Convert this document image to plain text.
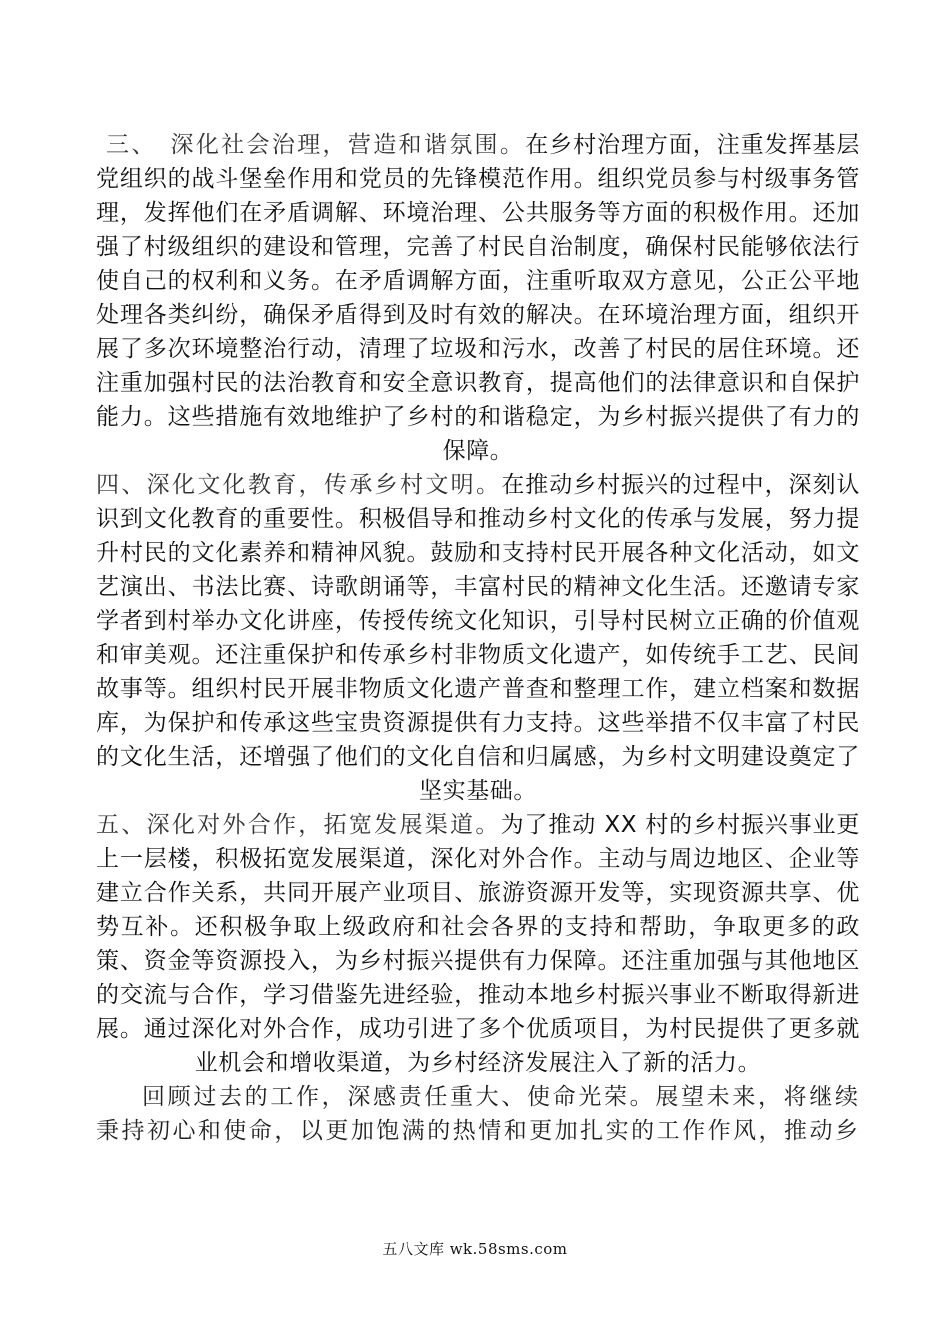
三、　深化社会治理，营造和谐氛围。在乡村治理方面，注重发挥基层党组织的战斗堡垒作用和党员的先锋模范作用。组织党员参与村级事务管理，发挥他们在矛盾调解、环境治理、公共服务等方面的积极作用。还加强了村级组织的建设和管理，完善了村民自治制度，确保村民能够依法行使自己的权利和义务。在矛盾调解方面，注重听取双方意见，公正公平地处理各类纠纷，确保矛盾得到及时有效的解决。在环境治理方面，组织开展了多次环境整治行动，清理了垃圾和污水，改善了村民的居住环境。还注重加强村民的法治教育和安全意识教育，提高他们的法律意识和自保护能力。这些措施有效地维护了乡村的和谐稳定，为乡村振兴提供了有力的保障。

四、深化文化教育，传承乡村文明。在推动乡村振兴的过程中，深刻认识到文化教育的重要性。积极倡导和推动乡村文化的传承与发展，努力提升村民的文化素养和精神风貌。鼓励和支持村民开展各种文化活动，如文艺演出、书法比赛、诗歌朗诵等，丰富村民的精神文化生活。还邀请专家学者到村举办文化讲座，传授传统文化知识，引导村民树立正确的价值观和审美观。还注重保护和传承乡村非物质文化遗产，如传统手工艺、民间故事等。组织村民开展非物质文化遗产普查和整理工作，建立档案和数据库，为保护和传承这些宝贵资源提供有力支持。这些举措不仅丰富了村民的文化生活，还增强了他们的文化自信和归属感，为乡村文明建设奠定了坚实基础。

五、深化对外合作，拓宽发展渠道。为了推动 XX 村的乡村振兴事业更上一层楼，积极拓宽发展渠道，深化对外合作。主动与周边地区、企业等建立合作关系，共同开展产业项目、旅游资源开发等，实现资源共享、优势互补。还积极争取上级政府和社会各界的支持和帮助，争取更多的政策、资金等资源投入，为乡村振兴提供有力保障。还注重加强与其他地区的交流与合作，学习借鉴先进经验，推动本地乡村振兴事业不断取得新进展。通过深化对外合作，成功引进了多个优质项目，为村民提供了更多就业机会和增收渠道，为乡村经济发展注入了新的活力。

回顾过去的工作，深感责任重大、使命光荣。展望未来，将继续秉持初心和使命，以更加饱满的热情和更加扎实的工作作风，推动乡

五八文库 wk.58sms.com
